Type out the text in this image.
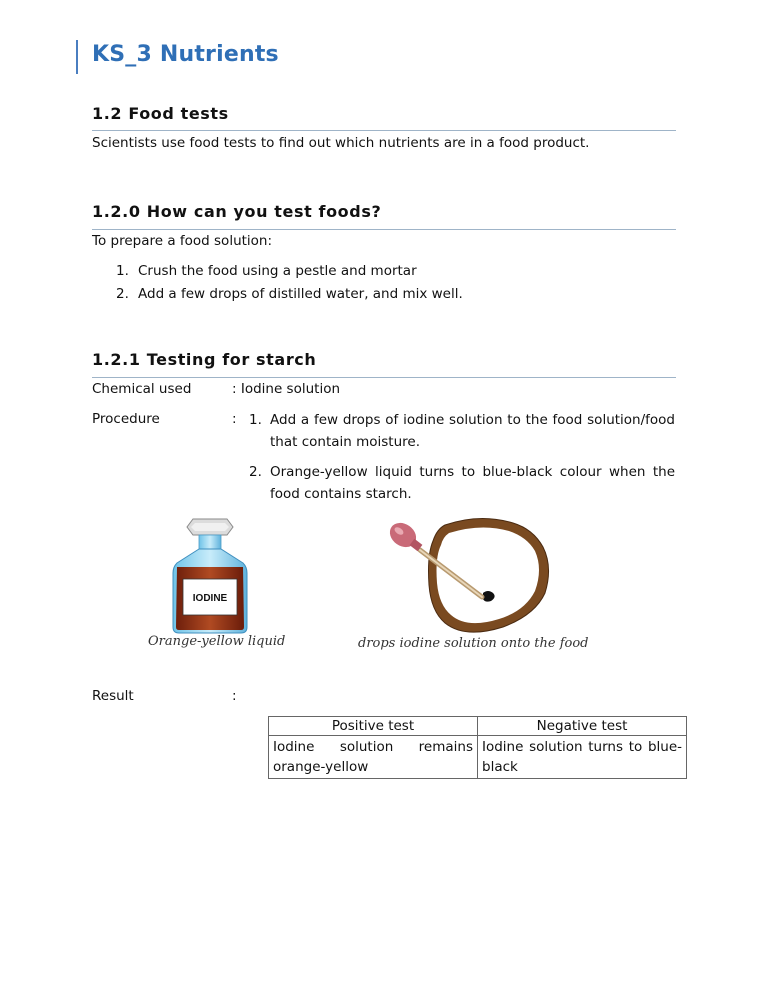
KS_3 Nutrients
1.2 Food tests
Scientists use food tests to find out which nutrients are in a food product.
1.2.0 How can you test foods?
To prepare a food solution:
1. Crush the food using a pestle and mortar
2. Add a few drops of distilled water, and mix well.
1.2.1 Testing for starch
Chemical used	: Iodine solution
Procedure	: 1. Add a few drops of iodine solution to the food solution/food that contain moisture.
2. Orange-yellow liquid turns to blue-black colour when the food contains starch.
IODINE
Orange-yellow liquid	drops iodine solution onto the food
Result	:
Positive test	Negative test
Iodine solution remains orange-yellow	Iodine solution turns to blue-black
